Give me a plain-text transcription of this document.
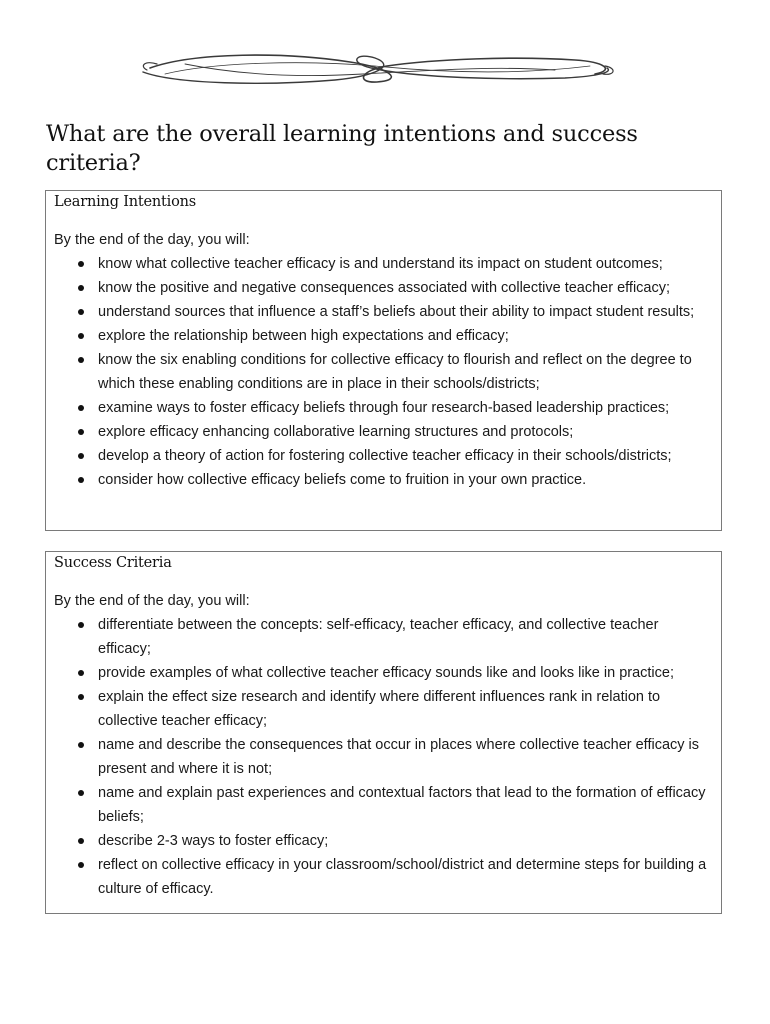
What are the overall learning intentions and success criteria?
Learning Intentions
By the end of the day, you will:
know what collective teacher efficacy is and understand its impact on student outcomes;
know the positive and negative consequences associated with collective teacher efficacy;
understand sources that influence a staff’s beliefs about their ability to impact student results;
explore the relationship between high expectations and efficacy;
know the six enabling conditions for collective efficacy to flourish and reflect on the degree to which these enabling conditions are in place in their schools/districts;
examine ways to foster efficacy beliefs through four research-based leadership practices;
explore efficacy enhancing collaborative learning structures and protocols;
develop a theory of action for fostering collective teacher efficacy in their schools/districts;
consider how collective efficacy beliefs come to fruition in your own practice.
Success Criteria
By the end of the day, you will:
differentiate between the concepts: self-efficacy, teacher efficacy, and collective teacher efficacy;
provide examples of what collective teacher efficacy sounds like and looks like in practice;
explain the effect size research and identify where different influences rank in relation to collective teacher efficacy;
name and describe the consequences that occur in places where collective teacher efficacy is present and where it is not;
name and explain past experiences and contextual factors that lead to the formation of efficacy beliefs;
describe 2-3 ways to foster efficacy;
reflect on collective efficacy in your classroom/school/district and determine steps for building a culture of efficacy.
